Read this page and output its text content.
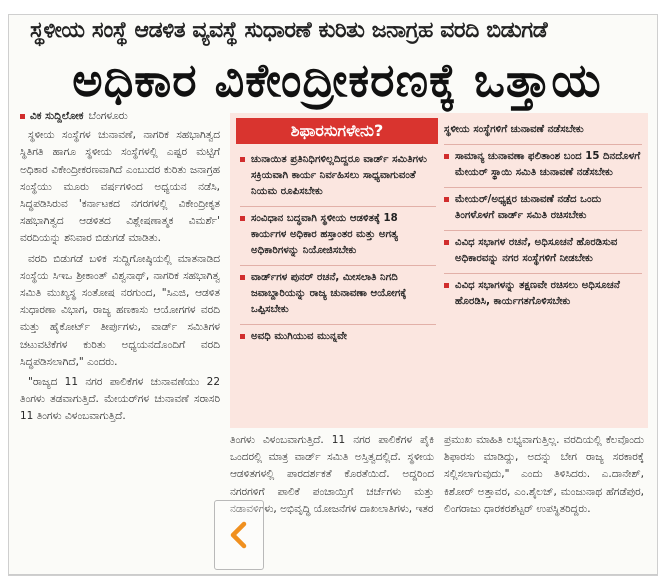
ಸ್ಥಳೀಯ ಸಂಸ್ಥೆ ಆಡಳಿತ ವ್ಯವಸ್ಥೆ ಸುಧಾರಣೆ ಕುರಿತು ಜನಾಗ್ರಹ ವರದಿ ಬಿಡುಗಡೆ
ಅಧಿಕಾರ ವಿಕೇಂದ್ರೀಕರಣಕ್ಕೆ ಒತ್ತಾಯ
ವಿಕ ಸುದ್ದಿಲೋಕ ಬೆಂಗಳೂರು

ಸ್ಥಳೀಯ ಸಂಸ್ಥೆಗಳ ಚುನಾವಣೆ, ನಾಗರಿಕ ಸಹಭಾಗಿತ್ವದ ಸ್ಥಿತಿಗತಿ ಹಾಗೂ ಸ್ಥಳೀಯ ಸಂಸ್ಥೆಗಳಲ್ಲಿ ಎಷ್ಟರ ಮಟ್ಟಿಗೆ ಅಧಿಕಾರ ವಿಕೇಂದ್ರೀಕರಣವಾಗಿದೆ ಎಂಬುದರ ಕುರಿತು ಜನಾಗ್ರಹ ಸಂಸ್ಥೆಯು ಮೂರು ವರ್ಷಗಳಿಂದ ಅಧ್ಯಯನ ನಡೆಸಿ, ಸಿದ್ಧಪಡಿಸಿರುವ 'ಕರ್ನಾಟಕದ ನಗರಗಳಲ್ಲಿ ವಿಕೇಂದ್ರೀಕೃತ ಸಹಭಾಗಿತ್ವದ ಆಡಳಿತದ ವಿಶ್ಲೇಷಣಾತ್ಮಕ ವಿಮರ್ಶೆ' ವರದಿಯನ್ನು ಶನಿವಾರ ಬಿಡುಗಡೆ ಮಾಡಿತು.

ವರದಿ ಬಿಡುಗಡೆ ಬಳಿಕ ಸುದ್ದಿಗೋಷ್ಠಿಯಲ್ಲಿ ಮಾತನಾಡಿದ ಸಂಸ್ಥೆಯ ಸಿಇಒ ಶ್ರೀಕಾಂತ್ ವಿಶ್ವನಾಥ್, ನಾಗರಿಕ ಸಹಭಾಗಿತ್ವ ಸಮಿತಿ ಮುಖ್ಯಸ್ಥ ಸಂತೋಷ ನರಗುಂದ, "ಸಿಎಜಿ, ಆಡಳಿತ ಸುಧಾರಣಾ ವಿಭಾಗ, ರಾಜ್ಯ ಹಣಕಾಸು ಆಯೋಗಗಳ ವರದಿ ಮತ್ತು ಹೈಕೋರ್ಟ್ ತೀರ್ಪುಗಳು, ವಾರ್ಡ್ ಸಮಿತಿಗಳ ಚಟುವಟಿಕೆಗಳ ಕುರಿತು ಅಧ್ಯಯನದೊಂದಿಗೆ ವರದಿ ಸಿದ್ಧಪಡಿಸಲಾಗಿದೆ," ಎಂದರು.

"ರಾಜ್ಯದ 11 ನಗರ ಪಾಲಿಕೆಗಳ ಚುನಾವಣೆಯು 22 ತಿಂಗಳು ತಡವಾಗುತ್ತಿದೆ. ಮೇಯರ್‌ಗಳ ಚುನಾವಣೆ ಸರಾಸರಿ 11 ತಿಂಗಳು ವಿಳಂಬವಾಗುತ್ತಿದೆ.

ಶಿಫಾರಸುಗಳೇನು?
ಚುನಾಯಿತ ಪ್ರತಿನಿಧಿಗಳಿಲ್ಲದಿದ್ದರೂ ವಾರ್ಡ್ ಸಮಿತಿಗಳು ಸಕ್ರಿಯವಾಗಿ ಕಾರ್ಯ ನಿರ್ವಹಿಸಲು ಸಾಧ್ಯವಾಗುವಂತೆ ನಿಯಮ ರೂಪಿಸಬೇಕು
ಸಂವಿಧಾನ ಬದ್ಧವಾಗಿ ಸ್ಥಳೀಯ ಆಡಳಿತಕ್ಕೆ 18 ಕಾರ್ಯಗಳ ಅಧಿಕಾರ ಹಸ್ತಾಂತರ ಮತ್ತು ಅಗತ್ಯ ಅಧಿಕಾರಿಗಳನ್ನು ನಿಯೋಜಿಸಬೇಕು
ವಾರ್ಡ್‌ಗಳ ಪುನರ್ ರಚನೆ, ಮೀಸಲಾತಿ ನಿಗದಿ ಜವಾಬ್ದಾರಿಯನ್ನು ರಾಜ್ಯ ಚುನಾವಣಾ ಆಯೋಗಕ್ಕೆ ಒಪ್ಪಿಸಬೇಕು
ಅವಧಿ ಮುಗಿಯುವ ಮುನ್ನವೇ
ಸ್ಥಳೀಯ ಸಂಸ್ಥೆಗಳಿಗೆ ಚುನಾವಣೆ ನಡೆಸಬೇಕು
ಸಾಮಾನ್ಯ ಚುನಾವಣಾ ಫಲಿತಾಂಶ ಬಂದ 15 ದಿನದೊಳಗೆ ಮೇಯರ್ ಸ್ಥಾಯಿ ಸಮಿತಿ ಚುನಾವಣೆ ನಡೆಸಬೇಕು
ಮೇಯರ್/ಅಧ್ಯಕ್ಷರ ಚುನಾವಣೆ ನಡೆದ ಒಂದು ತಿಂಗಳೊಳಗೆ ವಾರ್ಡ್ ಸಮಿತಿ ರಚಿಸಬೇಕು
ವಿವಿಧ ಸಭಾಗಳ ರಚನೆ, ಅಧಿಸೂಚನೆ ಹೊರಡಿಸುವ ಅಧಿಕಾರವನ್ನು ನಗರ ಸಂಸ್ಥೆಗಳಿಗೆ ನೀಡಬೇಕು
ವಿವಿಧ ಸಭಾಗಳನ್ನು ತಕ್ಷಣವೇ ರಚಿಸಲು ಅಧಿಸೂಚನೆ ಹೊರಡಿಸಿ, ಕಾರ್ಯಗತಗೊಳಿಸಬೇಕು

ತಿಂಗಳು ವಿಳಂಬವಾಗುತ್ತಿದೆ. 11 ನಗರ ಪಾಲಿಕೆಗಳ ಪೈಕಿ ಒಂದರಲ್ಲಿ ಮಾತ್ರ ವಾರ್ಡ್ ಸಮಿತಿ ಅಸ್ತಿತ್ವದಲ್ಲಿದೆ. ಸ್ಥಳೀಯ ಆಡಳಿತಗಳಲ್ಲಿ ಪಾರದರ್ಶಕತೆ ಕೊರತೆಯಿದೆ. ಅದ್ದರಿಂದ ನಗರಗಳಿಗೆ ಪಾಲಿಕೆ ಪಂಚಾಯ್ತಿಗೆ ಚರ್ಚೆಗಳು ಮತ್ತು ನಡಾವಳಿಗಳು, ಅಭಿವೃದ್ಧಿ ಯೋಜನೆಗಳ ದಾಖಲಾತಿಗಳು, ಇತರ

ಪ್ರಮುಖ ಮಾಹಿತಿ ಲಭ್ಯವಾಗುತ್ತಿಲ್ಲ. ವರದಿಯಲ್ಲಿ ಕೆಲವೊಂದು ಶಿಫಾರಸು ಮಾಡಿದ್ದು, ಅದನ್ನು ಬೇಗ ರಾಜ್ಯ ಸರಕಾರಕ್ಕೆ ಸಲ್ಲಿಸಲಾಗುವುದು," ಎಂದು ತಿಳಿಸಿದರು. ಎ.ದಾನೇಶ್, ಕಿಶೋರ್ ಅತ್ತಾವರ, ಎಂ.ಶೈಲಜ್, ಮಂಜುನಾಥ ಹೆಗಡೆಪುರ, ಲಿಂಗರಾಜು ಧಾರಕರಶೆಟ್ಟರ್ ಉಪಸ್ಥಿತರಿದ್ದರು.
